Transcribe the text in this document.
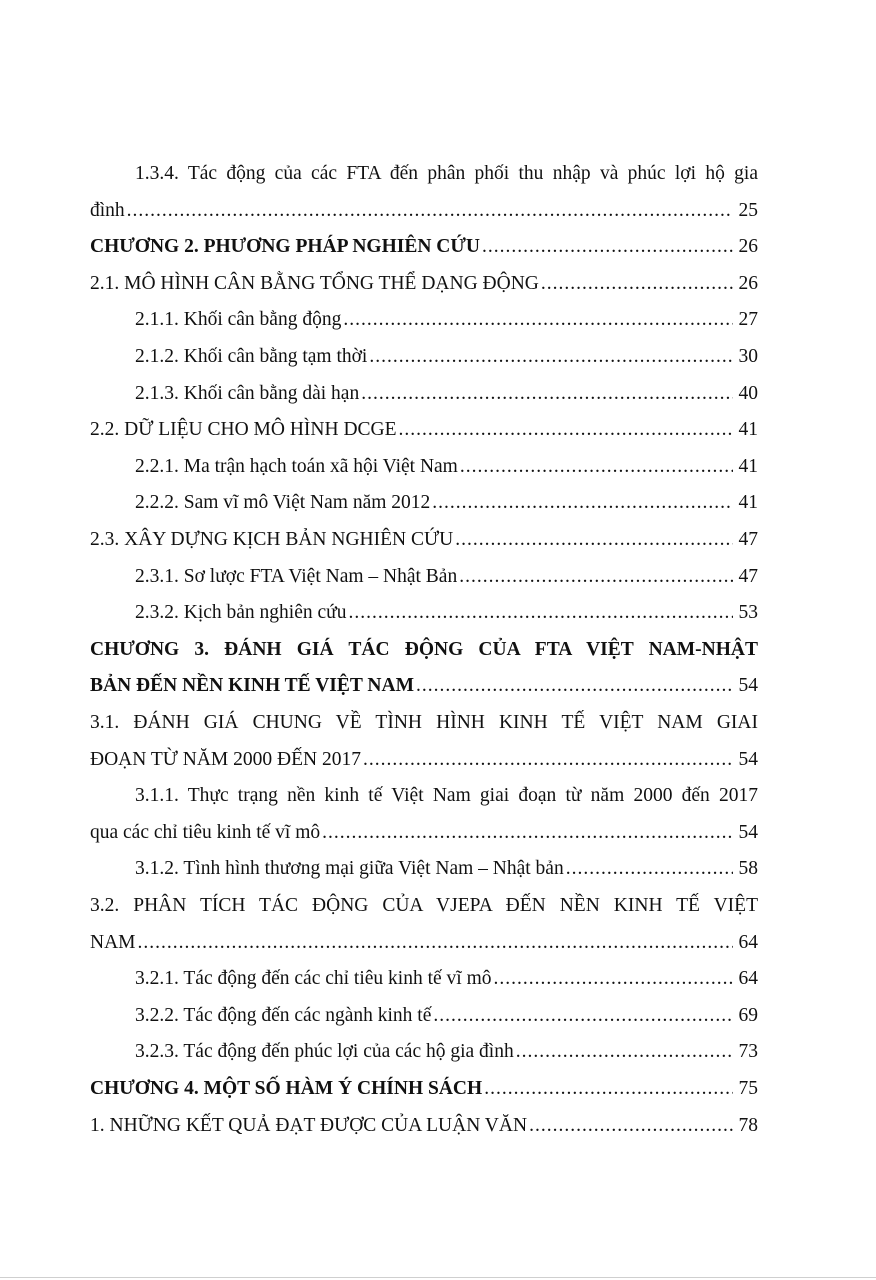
1.3.4. Tác động của các FTA đến phân phối thu nhập và phúc lợi hộ gia
đình .....	25
CHƯƠNG 2. PHƯƠNG PHÁP NGHIÊN CỨU .....	26
2.1. MÔ HÌNH CÂN BẰNG TỔNG THỂ DẠNG ĐỘNG .....	26
2.1.1. Khối cân bằng động .....	27
2.1.2. Khối cân bằng tạm thời .....	30
2.1.3. Khối cân bằng dài hạn .....	40
2.2. DỮ LIỆU CHO MÔ HÌNH DCGE .....	41
2.2.1. Ma trận hạch toán xã hội Việt Nam .....	41
2.2.2. Sam vĩ mô Việt Nam năm 2012 .....	41
2.3. XÂY DỰNG KỊCH BẢN NGHIÊN CỨU .....	47
2.3.1. Sơ lược FTA Việt Nam – Nhật Bản .....	47
2.3.2. Kịch bản nghiên cứu .....	53
CHƯƠNG 3. ĐÁNH GIÁ TÁC ĐỘNG CỦA FTA VIỆT NAM-NHẬT
BẢN ĐẾN NỀN KINH TẾ VIỆT NAM .....	54
3.1. ĐÁNH GIÁ CHUNG VỀ TÌNH HÌNH KINH TẾ VIỆT NAM GIAI
ĐOẠN TỪ NĂM 2000 ĐẾN 2017 .....	54
3.1.1. Thực trạng nền kinh tế Việt Nam giai đoạn từ năm 2000 đến 2017
qua các chỉ tiêu kinh tế vĩ mô .....	54
3.1.2. Tình hình thương mại giữa Việt Nam – Nhật bản .....	58
3.2. PHÂN TÍCH TÁC ĐỘNG CỦA VJEPA ĐẾN NỀN KINH TẾ VIỆT
NAM .....	64
3.2.1. Tác động đến các chỉ tiêu kinh tế vĩ mô .....	64
3.2.2. Tác động đến các ngành kinh tế .....	69
3.2.3. Tác động đến phúc lợi của các hộ gia đình .....	73
CHƯƠNG 4. MỘT SỐ HÀM Ý CHÍNH SÁCH .....	75
1. NHỮNG KẾT QUẢ ĐẠT ĐƯỢC CỦA LUẬN VĂN .....	78
